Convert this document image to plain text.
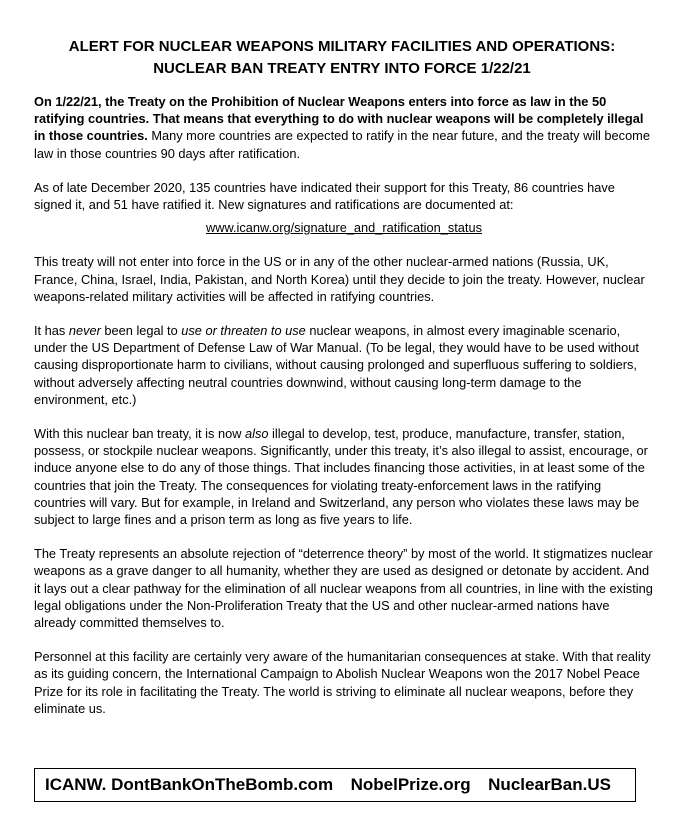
ALERT FOR NUCLEAR WEAPONS MILITARY FACILITIES AND OPERATIONS:
NUCLEAR BAN TREATY ENTRY INTO FORCE 1/22/21

On 1/22/21, the Treaty on the Prohibition of Nuclear Weapons enters into force as law in the 50 ratifying countries. That means that everything to do with nuclear weapons will be completely illegal in those countries. Many more countries are expected to ratify in the near future, and the treaty will become law in those countries 90 days after ratification.

As of late December 2020, 135 countries have indicated their support for this Treaty, 86 countries have signed it, and 51 have ratified it. New signatures and ratifications are documented at:

www.icanw.org/signature_and_ratification_status

This treaty will not enter into force in the US or in any of the other nuclear-armed nations (Russia, UK, France, China, Israel, India, Pakistan, and North Korea) until they decide to join the treaty. However, nuclear weapons-related military activities will be affected in ratifying countries.

It has never been legal to use or threaten to use nuclear weapons, in almost every imaginable scenario, under the US Department of Defense Law of War Manual. (To be legal, they would have to be used without causing disproportionate harm to civilians, without causing prolonged and superfluous suffering to soldiers, without adversely affecting neutral countries downwind, without causing long-term damage to the environment, etc.)

With this nuclear ban treaty, it is now also illegal to develop, test, produce, manufacture, transfer, station, possess, or stockpile nuclear weapons. Significantly, under this treaty, it’s also illegal to assist, encourage, or induce anyone else to do any of those things. That includes financing those activities, in at least some of the countries that join the Treaty. The consequences for violating treaty-enforcement laws in the ratifying countries will vary. But for example, in Ireland and Switzerland, any person who violates these laws may be subject to large fines and a prison term as long as five years to life.

The Treaty represents an absolute rejection of “deterrence theory” by most of the world. It stigmatizes nuclear weapons as a grave danger to all humanity, whether they are used as designed or detonate by accident. And it lays out a clear pathway for the elimination of all nuclear weapons from all countries, in line with the existing legal obligations under the Non-Proliferation Treaty that the US and other nuclear-armed nations have already committed themselves to.

Personnel at this facility are certainly very aware of the humanitarian consequences at stake. With that reality as its guiding concern, the International Campaign to Abolish Nuclear Weapons won the 2017 Nobel Peace Prize for its role in facilitating the Treaty. The world is striving to eliminate all nuclear weapons, before they eliminate us.

ICANW. DontBankOnTheBomb.com NobelPrize.org NuclearBan.US
